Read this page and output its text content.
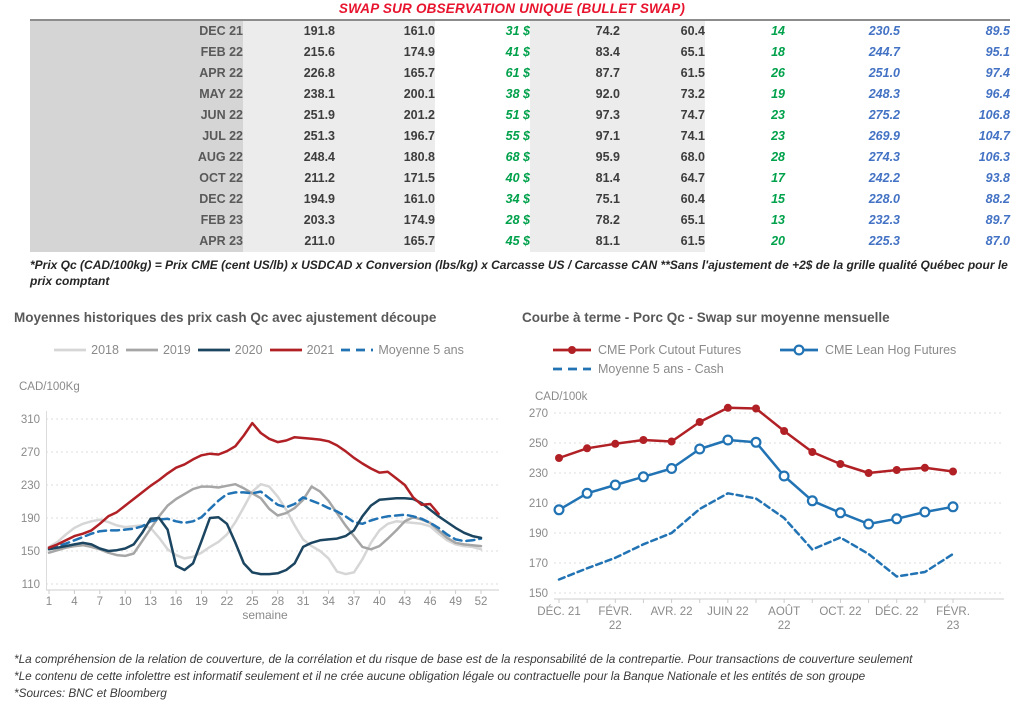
SWAP SUR OBSERVATION UNIQUE (BULLET SWAP)
DEC 21	191.8	161.0	31 $	74.2	60.4	14	230.5	89.5
FEB 22	215.6	174.9	41 $	83.4	65.1	18	244.7	95.1
APR 22	226.8	165.7	61 $	87.7	61.5	26	251.0	97.4
MAY 22	238.1	200.1	38 $	92.0	73.2	19	248.3	96.4
JUN 22	251.9	201.2	51 $	97.3	74.7	23	275.2	106.8
JUL 22	251.3	196.7	55 $	97.1	74.1	23	269.9	104.7
AUG 22	248.4	180.8	68 $	95.9	68.0	28	274.3	106.3
OCT 22	211.2	171.5	40 $	81.4	64.7	17	242.2	93.8
DEC 22	194.9	161.0	34 $	75.1	60.4	15	228.0	88.2
FEB 23	203.3	174.9	28 $	78.2	65.1	13	232.3	89.7
APR 23	211.0	165.7	45 $	81.1	61.5	20	225.3	87.0
*Prix Qc (CAD/100kg) = Prix CME (cent US/lb) x USDCAD x Conversion (lbs/kg) x Carcasse US / Carcasse CAN **Sans l'ajustement de +2$ de la grille qualité Québec pour le prix comptant
Moyennes historiques des prix cash Qc avec ajustement découpe
2018	2019	2020	2021	Moyenne 5 ans
CAD/100Kg
110
150
190
230
270
310
1 4 7 10 13 16 19 22 25 28 31 34 37 40 43 46 49 52
semaine
Courbe à terme - Porc Qc - Swap sur moyenne mensuelle
CME Pork Cutout Futures	CME Lean Hog Futures
Moyenne 5 ans - Cash
CAD/100k
150
170
190
210
230
250
270
DÉC. 21 FÉVR.
22
AVR. 22 JUIN 22 AOÛT
22
OCT. 22 DÉC. 22 FÉVR.
23
*La compréhension de la relation de couverture, de la corrélation et du risque de base est de la responsabilité de la contrepartie. Pour transactions de couverture seulement
*Le contenu de cette infolettre est informatif seulement et il ne crée aucune obligation légale ou contractuelle pour la Banque Nationale et les entités de son groupe
*Sources: BNC et Bloomberg
